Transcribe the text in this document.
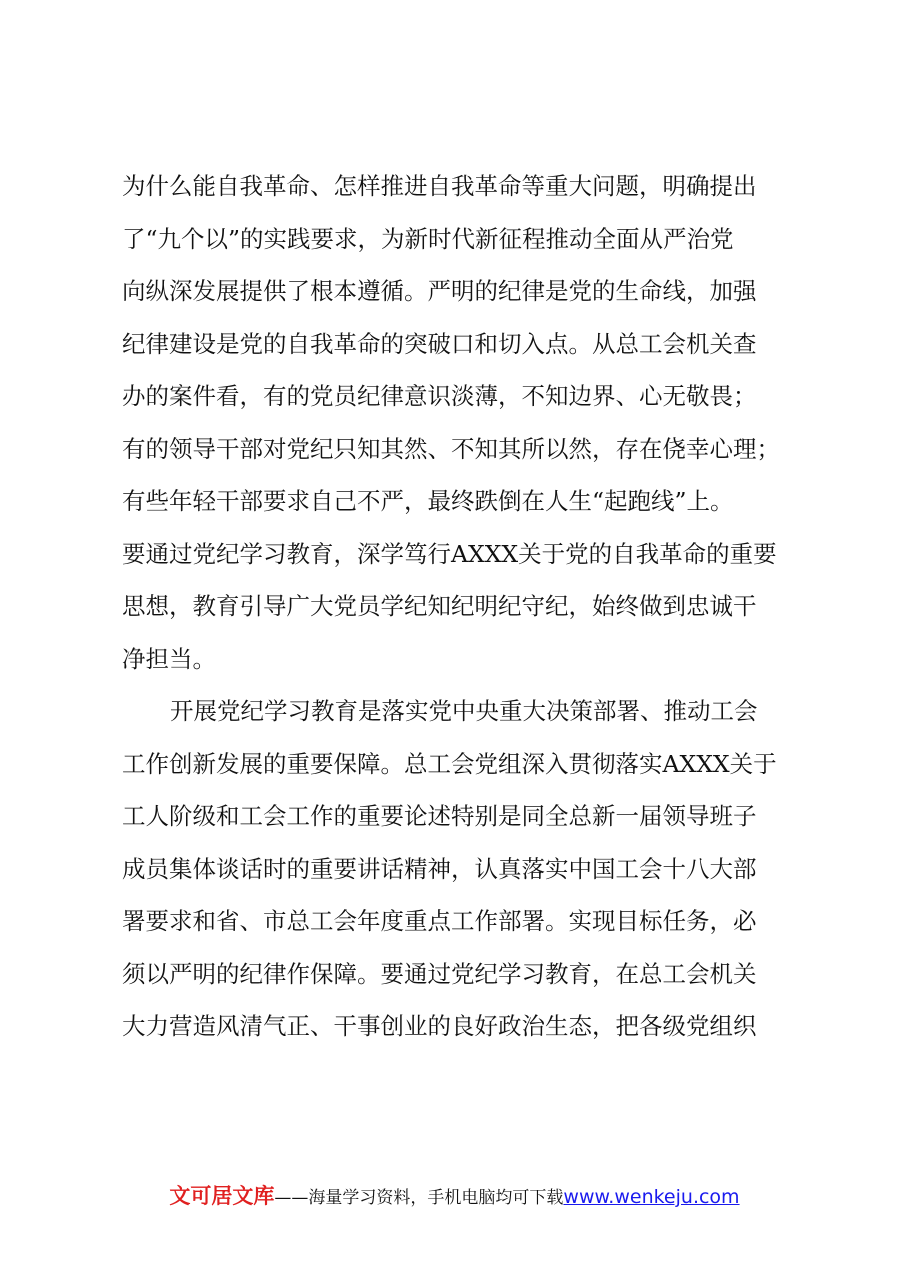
为什么能自我革命、怎样推进自我革命等重大问题，明确提出
了“九个以”的实践要求，为新时代新征程推动全面从严治党
向纵深发展提供了根本遵循。严明的纪律是党的生命线，加强
纪律建设是党的自我革命的突破口和切入点。从总工会机关查
办的案件看，有的党员纪律意识淡薄，不知边界、心无敬畏；
有的领导干部对党纪只知其然、不知其所以然，存在侥幸心理；
有些年轻干部要求自己不严，最终跌倒在人生“起跑线”上。
要通过党纪学习教育，深学笃行AXXX关于党的自我革命的重要
思想，教育引导广大党员学纪知纪明纪守纪，始终做到忠诚干
净担当。
开展党纪学习教育是落实党中央重大决策部署、推动工会
工作创新发展的重要保障。总工会党组深入贯彻落实AXXX关于
工人阶级和工会工作的重要论述特别是同全总新一届领导班子
成员集体谈话时的重要讲话精神，认真落实中国工会十八大部
署要求和省、市总工会年度重点工作部署。实现目标任务，必
须以严明的纪律作保障。要通过党纪学习教育，在总工会机关
大力营造风清气正、干事创业的良好政治生态，把各级党组织
文可居文库——海量学习资料，手机电脑均可下载www.wenkeju.com
